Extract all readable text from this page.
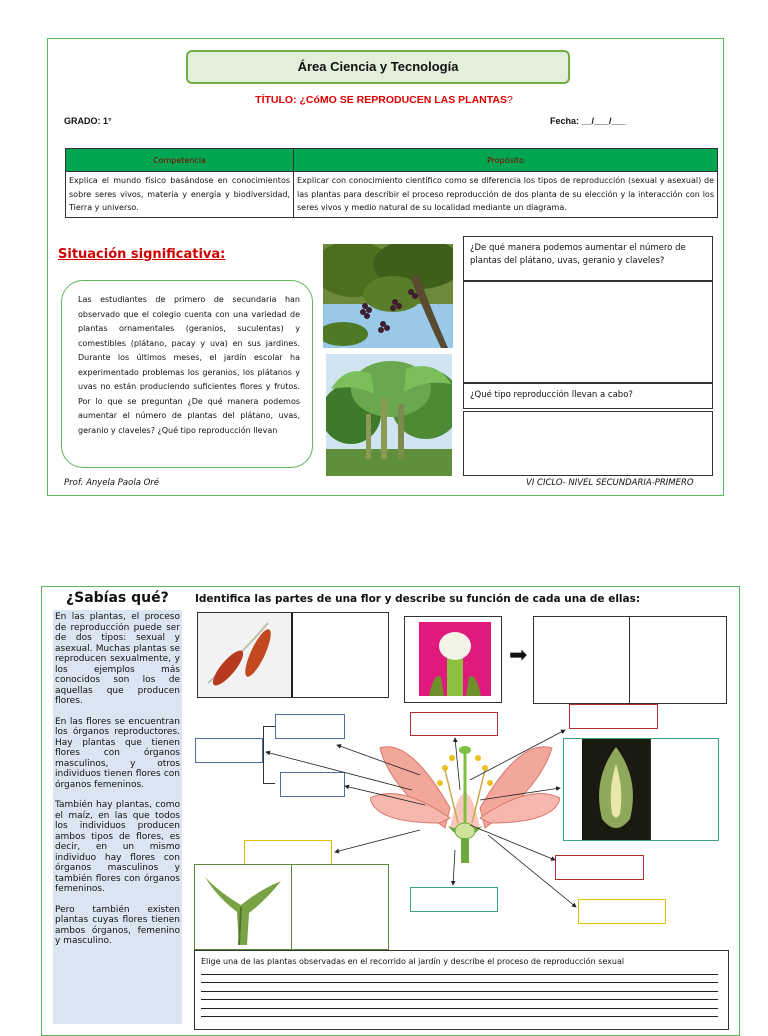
Área Ciencia y Tecnología
TÍTULO: ¿CóMO SE REPRODUCEN LAS PLANTAS?
GRADO: 1°	Fecha: __/___/___
Competencia	Propósito
Explica el mundo físico basándose en conocimientos sobre seres vivos, materia y energía y biodiversidad, Tierra y universo.	Explicar con conocimiento científico como se diferencia los tipos de reproducción (sexual y asexual) de las plantas para describir el proceso reproducción de dos planta de su elección y la interacción con los seres vivos y medio natural de su localidad mediante un diagrama.
Situación significativa:
Las estudiantes de primero de secundaria han observado que el colegio cuenta con una variedad de plantas ornamentales (geranios, suculentas) y comestibles (plátano, pacay y uva) en sus jardines. Durante los últimos meses, el jardín escolar ha experimentado problemas los geranios, los plátanos y uvas no están produciendo suficientes flores y frutos. Por lo que se preguntan ¿De qué manera podemos aumentar el número de plantas del plátano, uvas, geranio y claveles? ¿Qué tipo reproducción llevan
¿De qué manera podemos aumentar el número de plantas del plátano, uvas, geranio y claveles?
¿Qué tipo reproducción llevan a cabo?
Prof. Anyela Paola Oré	VI CICLO- NIVEL SECUNDARIA-PRIMERO
¿Sabías qué?

En las plantas, el proceso de reproducción puede ser de dos tipos: sexual y asexual. Muchas plantas se reproducen sexualmente, y los ejemplos más conocidos son los de aquellas que producen flores.

En las flores se encuentran los órganos reproductores. Hay plantas que tienen flores con órganos masculinos, y otros individuos tienen flores con órganos femeninos.

También hay plantas, como el maíz, en las que todos los individuos producen ambos tipos de flores, es decir, en un mismo individuo hay flores con órganos masculinos y también flores con órganos femeninos.

Pero también existen plantas cuyas flores tienen ambos órganos, femenino y masculino.

Identifica las partes de una flor y describe su función de cada una de ellas:
➡
Elige una de las plantas observadas en el recorrido al jardín y describe el proceso de reproducción sexual
